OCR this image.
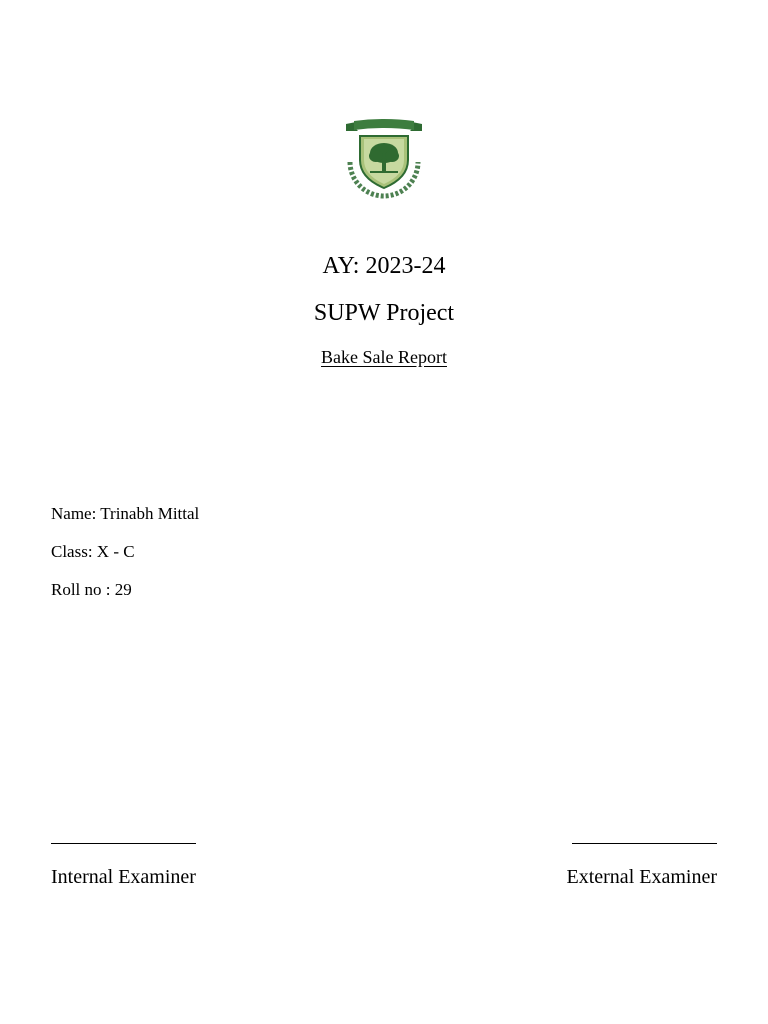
AY: 2023-24
SUPW Project
Bake Sale Report
Name: Trinabh Mittal
Class: X - C
Roll no : 29
Internal Examiner	External Examiner
